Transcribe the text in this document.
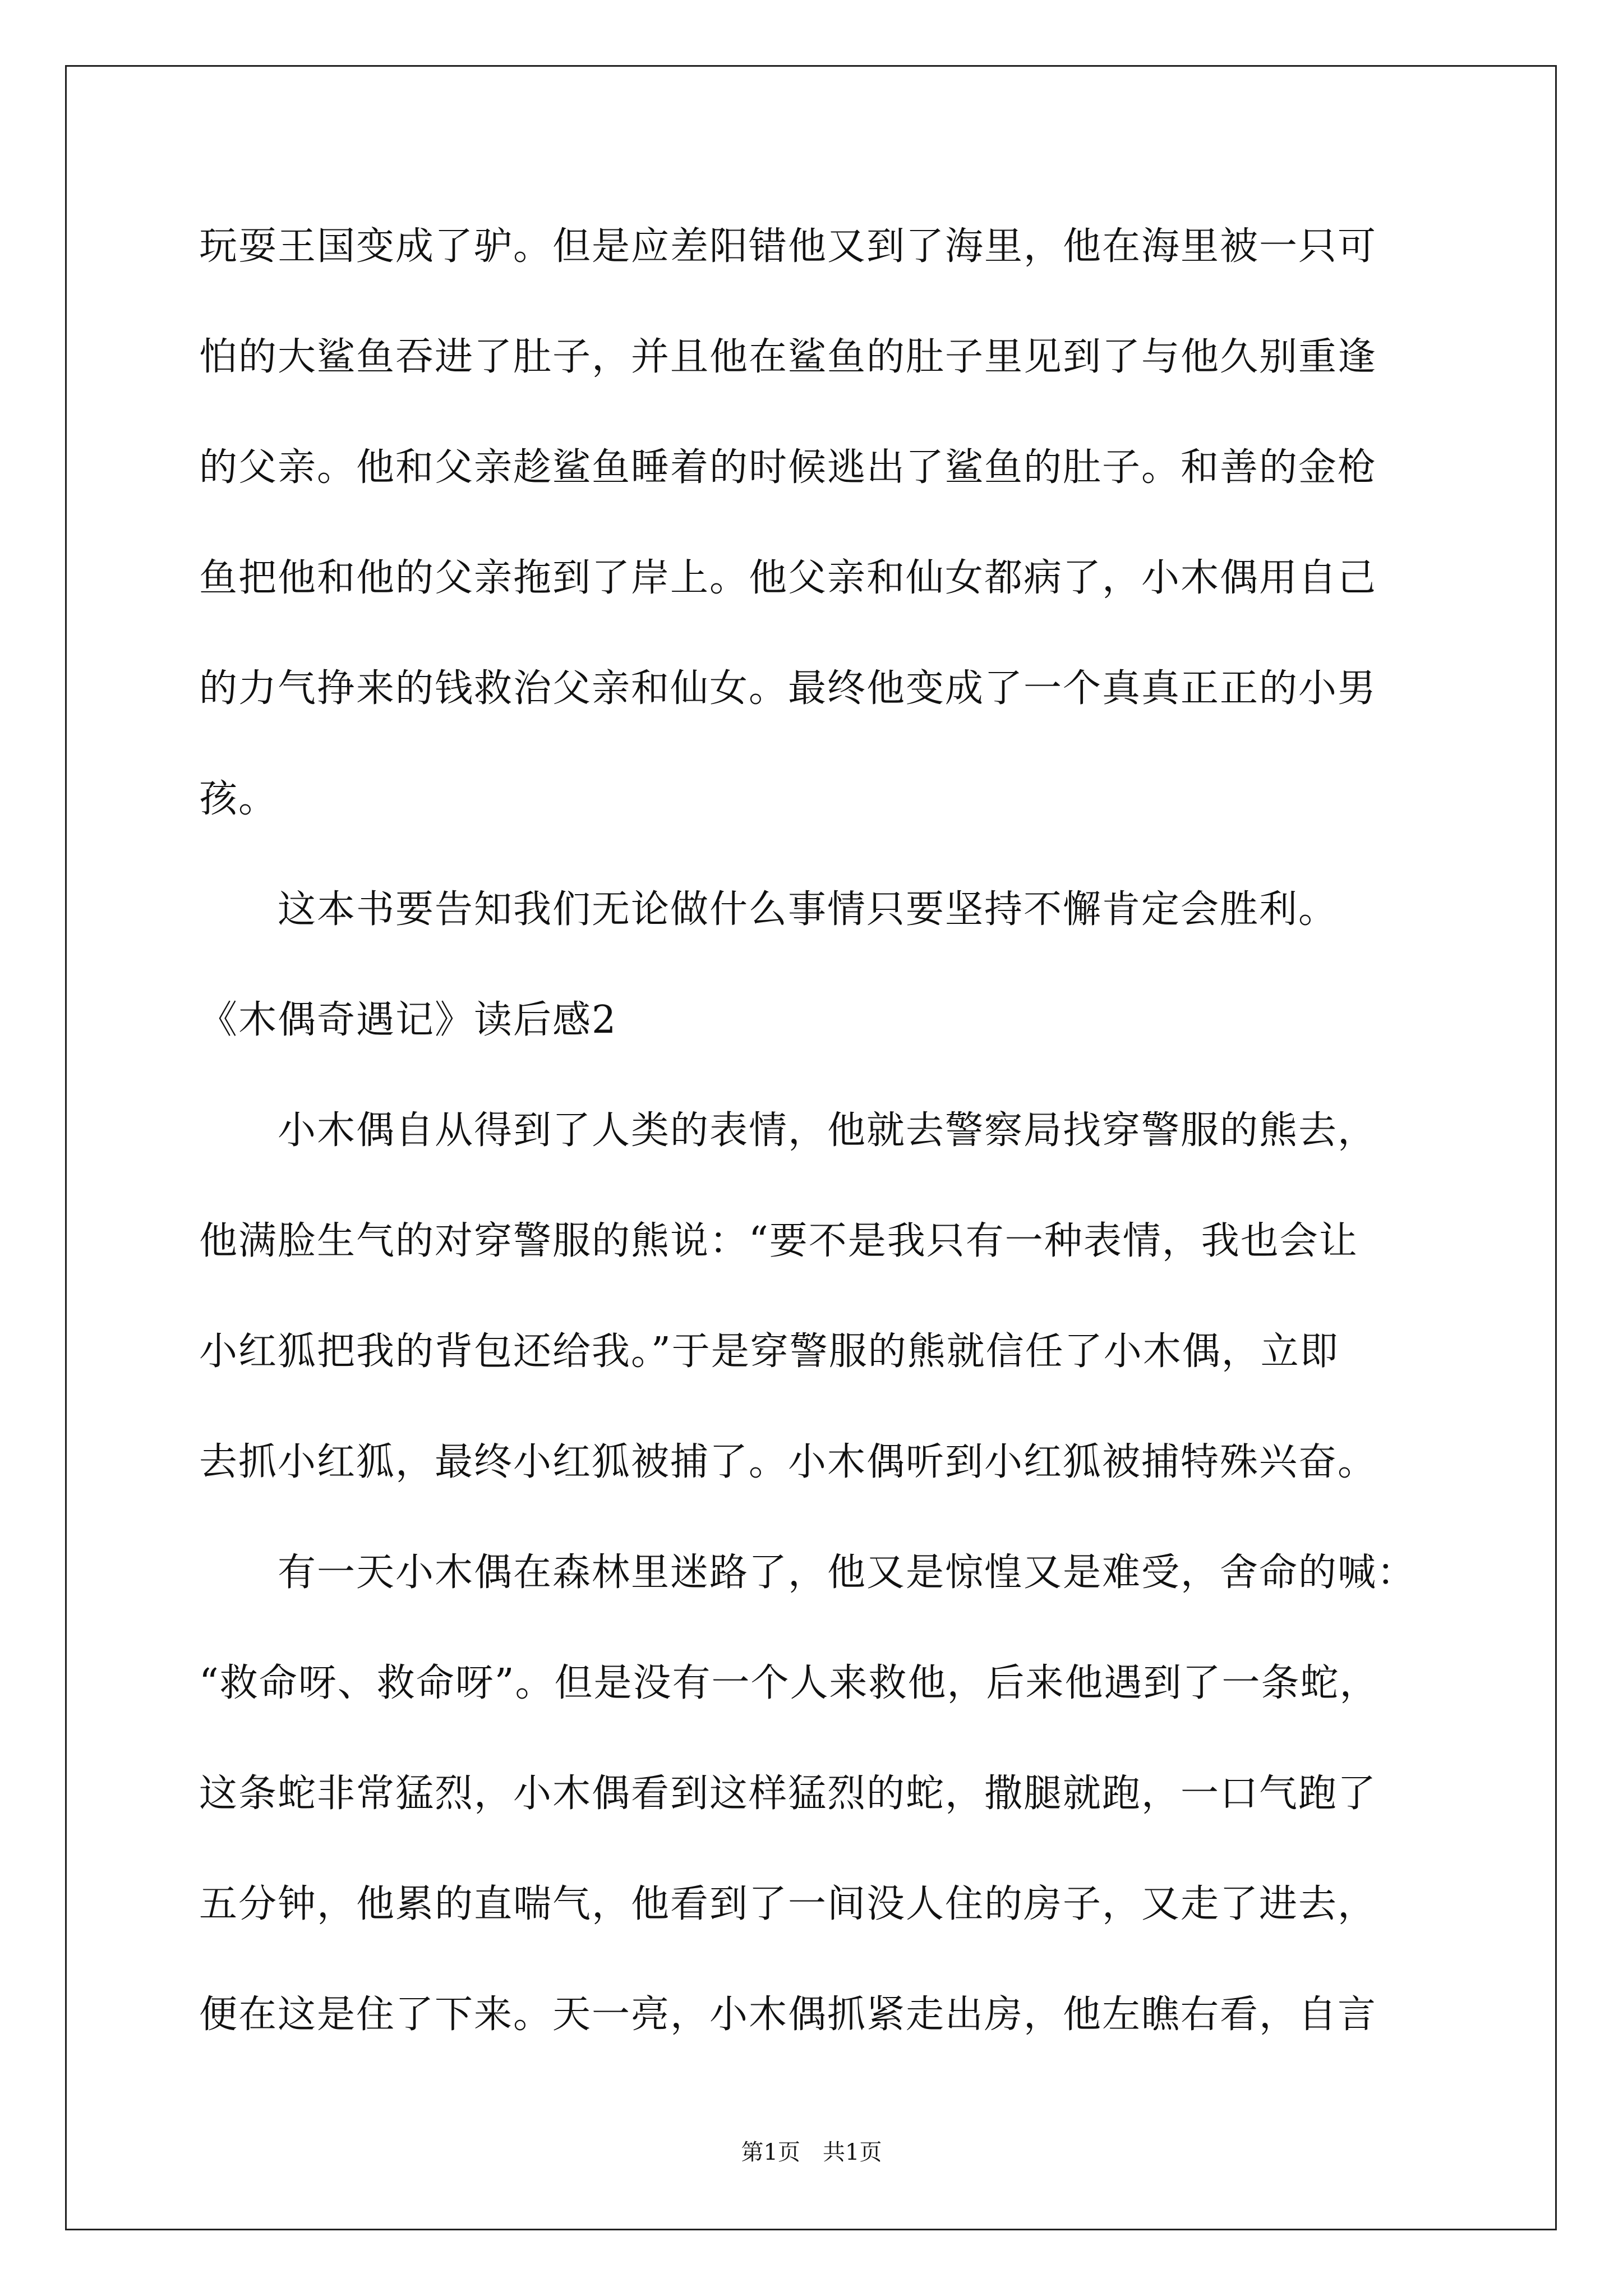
玩耍王国变成了驴。但是应差阳错他又到了海里，他在海里被一只可
怕的大鲨鱼吞进了肚子，并且他在鲨鱼的肚子里见到了与他久别重逢
的父亲。他和父亲趁鲨鱼睡着的时候逃出了鲨鱼的肚子。和善的金枪
鱼把他和他的父亲拖到了岸上。他父亲和仙女都病了，小木偶用自己
的力气挣来的钱救治父亲和仙女。最终他变成了一个真真正正的小男
孩。
这本书要告知我们无论做什么事情只要坚持不懈肯定会胜利。
《木偶奇遇记》读后感2
小木偶自从得到了人类的表情，他就去警察局找穿警服的熊去，
他满脸生气的对穿警服的熊说：“要不是我只有一种表情，我也会让
小红狐把我的背包还给我。”于是穿警服的熊就信任了小木偶，立即
去抓小红狐，最终小红狐被捕了。小木偶听到小红狐被捕特殊兴奋。
有一天小木偶在森林里迷路了，他又是惊惶又是难受，舍命的喊：
“救命呀、救命呀”。但是没有一个人来救他，后来他遇到了一条蛇，
这条蛇非常猛烈，小木偶看到这样猛烈的蛇，撒腿就跑，一口气跑了
五分钟，他累的直喘气，他看到了一间没人住的房子，又走了进去，
便在这是住了下来。天一亮，小木偶抓紧走出房，他左瞧右看，自言
第1页　共1页
